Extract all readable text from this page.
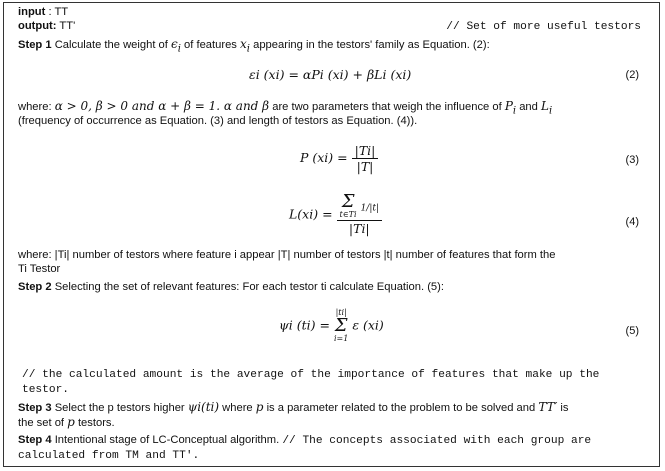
input : TT
output: TT'	// Set of more useful testors
Step 1 Calculate the weight of $\epsilon_i$ of features $x_i$ appearing in the testors' family as Equation. (2):
εi (xi) = αPi (xi) + βLi (xi)	(2)
where: α > 0, β > 0 and α + β = 1. α and β are two parameters that weigh the influence of $P_i$ and $L_i$
(frequency of occurrence as Equation. (3) and length of testors as Equation. (4)).
P $(xi) = \frac{|Ti|}{|T|}$	(3)
L(xi) = Σ
t∈Ti
1/|t|
|Ti|	(4)
where: |Ti| number of testors where feature i appear |T| number of testors |t| number of features that form the
Ti Testor
Step 2 Selecting the set of relevant features: For each testor ti calculate Equation. (5):
ψi (ti) =
|ti|
Σ
i=1
ε (xi)	(5)
// the calculated amount is the average of the importance of features that make up the
testor.
Step 3 Select the p testors higher ψi(ti) where p is a parameter related to the problem to be solved and TT′ is
the set of p testors.
Step 4 Intentional stage of LC-Conceptual algorithm. // The concepts associated with each group are
calculated from TM and TT'.
